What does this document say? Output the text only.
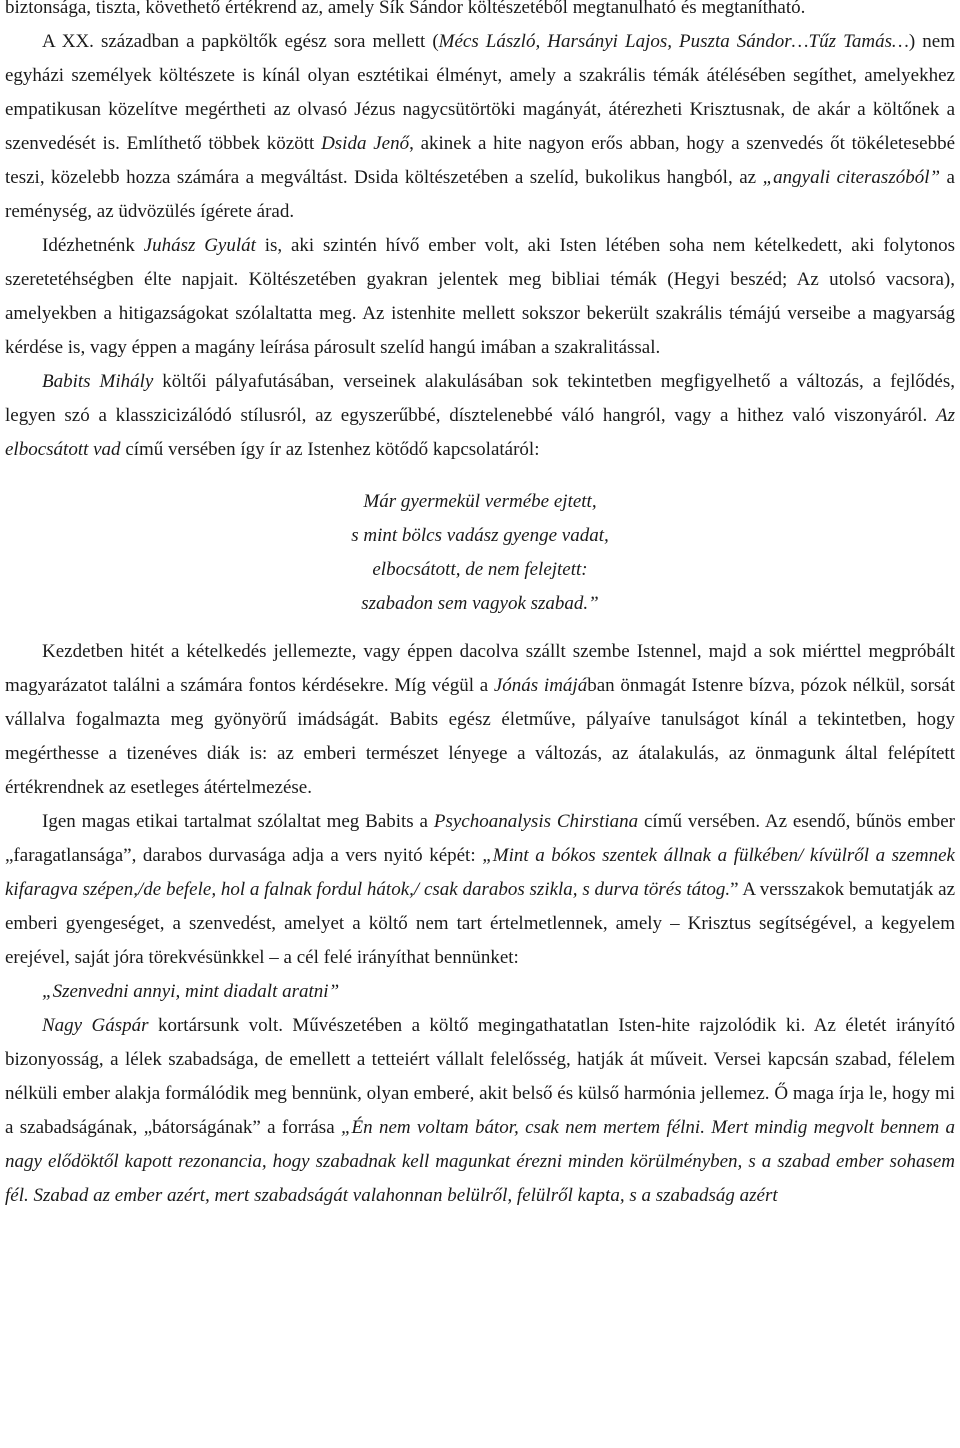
biztonsága, tiszta, követhető értékrend az, amely Sík Sándor költészetéből megtanulható és megtanítható.

A XX. században a papköltők egész sora mellett (Mécs László, Harsányi Lajos, Puszta Sándor…Tűz Tamás…) nem egyházi személyek költészete is kínál olyan esztétikai élményt, amely a szakrális témák átélésében segíthet, amelyekhez empatikusan közelítve megértheti az olvasó Jézus nagycsütörtöki magányát, átérezheti Krisztusnak, de akár a költőnek a szenvedését is. Említhető többek között Dsida Jenő, akinek a hite nagyon erős abban, hogy a szenvedés őt tökéletesebbé teszi, közelebb hozza számára a megváltást. Dsida költészetében a szelíd, bukolikus hangból, az „angyali citeraszóból” a reménység, az üdvözülés ígérete árad.

Idézhetnénk Juhász Gyulát is, aki szintén hívő ember volt, aki Isten létében soha nem kételkedett, aki folytonos szeretetéhségben élte napjait. Költészetében gyakran jelentek meg bibliai témák (Hegyi beszéd; Az utolsó vacsora), amelyekben a hitigazságokat szólaltatta meg. Az istenhite mellett sokszor bekerült szakrális témájú verseibe a magyarság kérdése is, vagy éppen a magány leírása párosult szelíd hangú imában a szakralitással.

Babits Mihály költői pályafutásában, verseinek alakulásában sok tekintetben megfigyelhető a változás, a fejlődés, legyen szó a klasszicizálódó stílusról, az egyszerűbbé, dísztelenebbé váló hangról, vagy a hithez való viszonyáról. Az elbocsátott vad című versében így ír az Istenhez kötődő kapcsolatáról:

Már gyermekül vermébe ejtett,
s mint bölcs vadász gyenge vadat,
elbocsátott, de nem felejtett:
szabadon sem vagyok szabad.”

Kezdetben hitét a kételkedés jellemezte, vagy éppen dacolva szállt szembe Istennel, majd a sok miérttel megpróbált magyarázatot találni a számára fontos kérdésekre. Míg végül a Jónás imájában önmagát Istenre bízva, pózok nélkül, sorsát vállalva fogalmazta meg gyönyörű imádságát. Babits egész életműve, pályaíve tanulságot kínál a tekintetben, hogy megérthesse a tizenéves diák is: az emberi természet lényege a változás, az átalakulás, az önmagunk által felépített értékrendnek az esetleges átértelmezése.

Igen magas etikai tartalmat szólaltat meg Babits a Psychoanalysis Chirstiana című versében. Az esendő, bűnös ember „faragatlansága”, darabos durvasága adja a vers nyitó képét: „Mint a bókos szentek állnak a fülkében/ kívülről a szemnek kifaragva szépen,/de befele, hol a falnak fordul hátok,/ csak darabos szikla, s durva törés tátog.” A versszakok bemutatják az emberi gyengeséget, a szenvedést, amelyet a költő nem tart értelmetlennek, amely – Krisztus segítségével, a kegyelem erejével, saját jóra törekvésünkkel – a cél felé irányíthat bennünket:

„Szenvedni annyi, mint diadalt aratni”

Nagy Gáspár kortársunk volt. Művészetében a költő megingathatatlan Isten-hite rajzolódik ki. Az életét irányító bizonyosság, a lélek szabadsága, de emellett a tetteiért vállalt felelősség, hatják át műveit. Versei kapcsán szabad, félelem nélküli ember alakja formálódik meg bennünk, olyan emberé, akit belső és külső harmónia jellemez. Ő maga írja le, hogy mi a szabadságának, „bátorságának” a forrása „Én nem voltam bátor, csak nem mertem félni. Mert mindig megvolt bennem a nagy elődöktől kapott rezonancia, hogy szabadnak kell magunkat érezni minden körülményben, s a szabad ember sohasem fél. Szabad az ember azért, mert szabadságát valahonnan belülről, felülről kapta, s a szabadság azért
